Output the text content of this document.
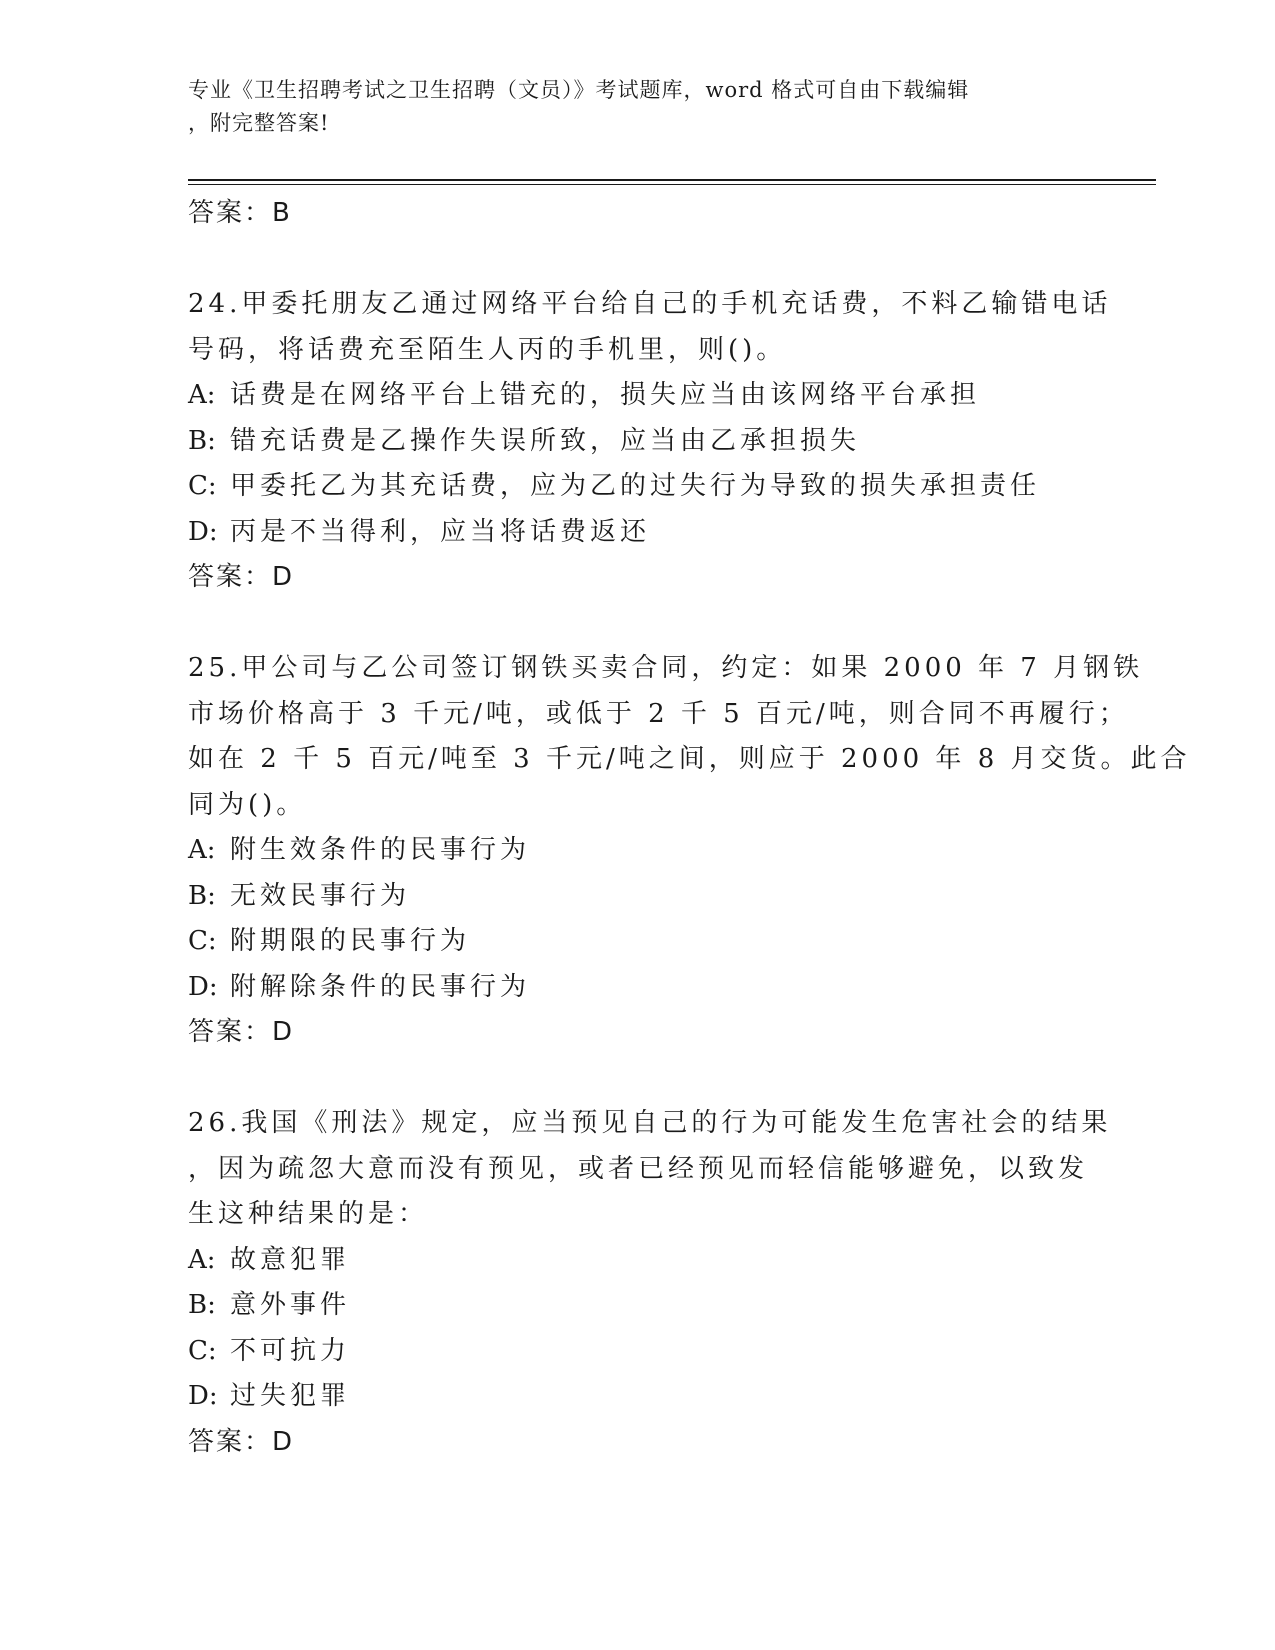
专业《卫生招聘考试之卫生招聘（文员）》考试题库，word 格式可自由下载编辑
，附完整答案!
答案：B
24.甲委托朋友乙通过网络平台给自己的手机充话费，不料乙输错电话
号码，将话费充至陌生人丙的手机里，则()。
A: 话费是在网络平台上错充的，损失应当由该网络平台承担
B: 错充话费是乙操作失误所致，应当由乙承担损失
C: 甲委托乙为其充话费，应为乙的过失行为导致的损失承担责任
D: 丙是不当得利，应当将话费返还
答案：D
25.甲公司与乙公司签订钢铁买卖合同，约定：如果 2000 年 7 月钢铁
市场价格高于 3 千元/吨，或低于 2 千 5 百元/吨，则合同不再履行；
如在 2 千 5 百元/吨至 3 千元/吨之间，则应于 2000 年 8 月交货。此合
同为()。
A: 附生效条件的民事行为
B: 无效民事行为
C: 附期限的民事行为
D: 附解除条件的民事行为
答案：D
26.我国《刑法》规定，应当预见自己的行为可能发生危害社会的结果
，因为疏忽大意而没有预见，或者已经预见而轻信能够避免，以致发
生这种结果的是：
A: 故意犯罪
B: 意外事件
C: 不可抗力
D: 过失犯罪
答案：D
